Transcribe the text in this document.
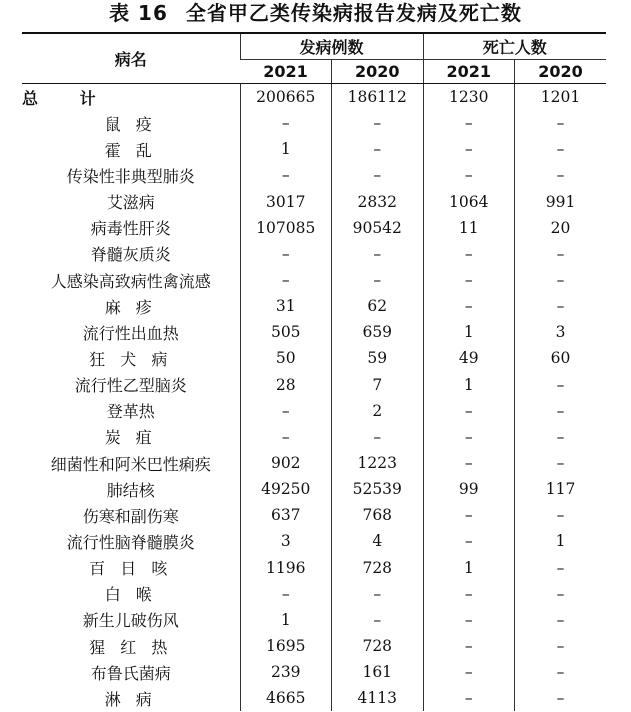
表 16 全省甲乙类传染病报告发病及死亡数
病名	发病例数		死亡人数	
	2021	2020	2021	2020
总 计	200665	186112	1230	1201
鼠 疫	–	–	–	–
霍 乱	1	–	–	–
传染性非典型肺炎	–	–	–	–
艾滋病	3017	2832	1064	991
病毒性肝炎	107085	90542	11	20
脊髓灰质炎	–	–	–	–
人感染高致病性禽流感	–	–	–	–
麻 疹	31	62	–	–
流行性出血热	505	659	1	3
狂 犬 病	50	59	49	60
流行性乙型脑炎	28	7	1	–
登革热	–	2	–	–
炭 疽	–	–	–	–
细菌性和阿米巴性痢疾	902	1223	–	–
肺结核	49250	52539	99	117
伤寒和副伤寒	637	768	–	–
流行性脑脊髓膜炎	3	4	–	1
百 日 咳	1196	728	1	–
白 喉	–	–	–	–
新生儿破伤风	1	–	–	–
猩 红 热	1695	728	–	–
布鲁氏菌病	239	161	–	–
淋 病	4665	4113	–	–
